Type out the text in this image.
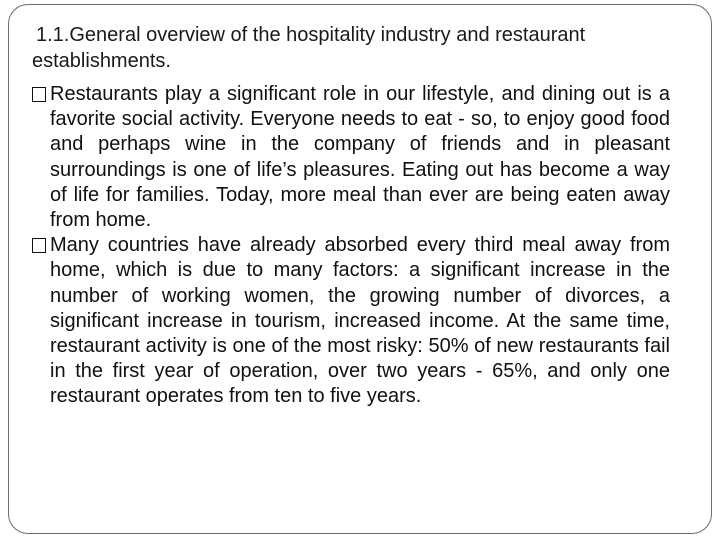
1.1.General overview of the hospitality industry and restaurant establishments.
Restaurants play a significant role in our lifestyle, and dining out is a favorite social activity. Everyone needs to eat - so, to enjoy good food and perhaps wine in the company of friends and in pleasant surroundings is one of life’s pleasures. Eating out has become a way of life for families. Today, more meal than ever are being eaten away from home.
Many countries have already absorbed every third meal away from home, which is due to many factors: a significant increase in the number of working women, the growing number of divorces, a significant increase in tourism, increased income. At the same time, restaurant activity is one of the most risky: 50% of new restaurants fail in the first year of operation, over two years - 65%, and only one restaurant operates from ten to five years.
